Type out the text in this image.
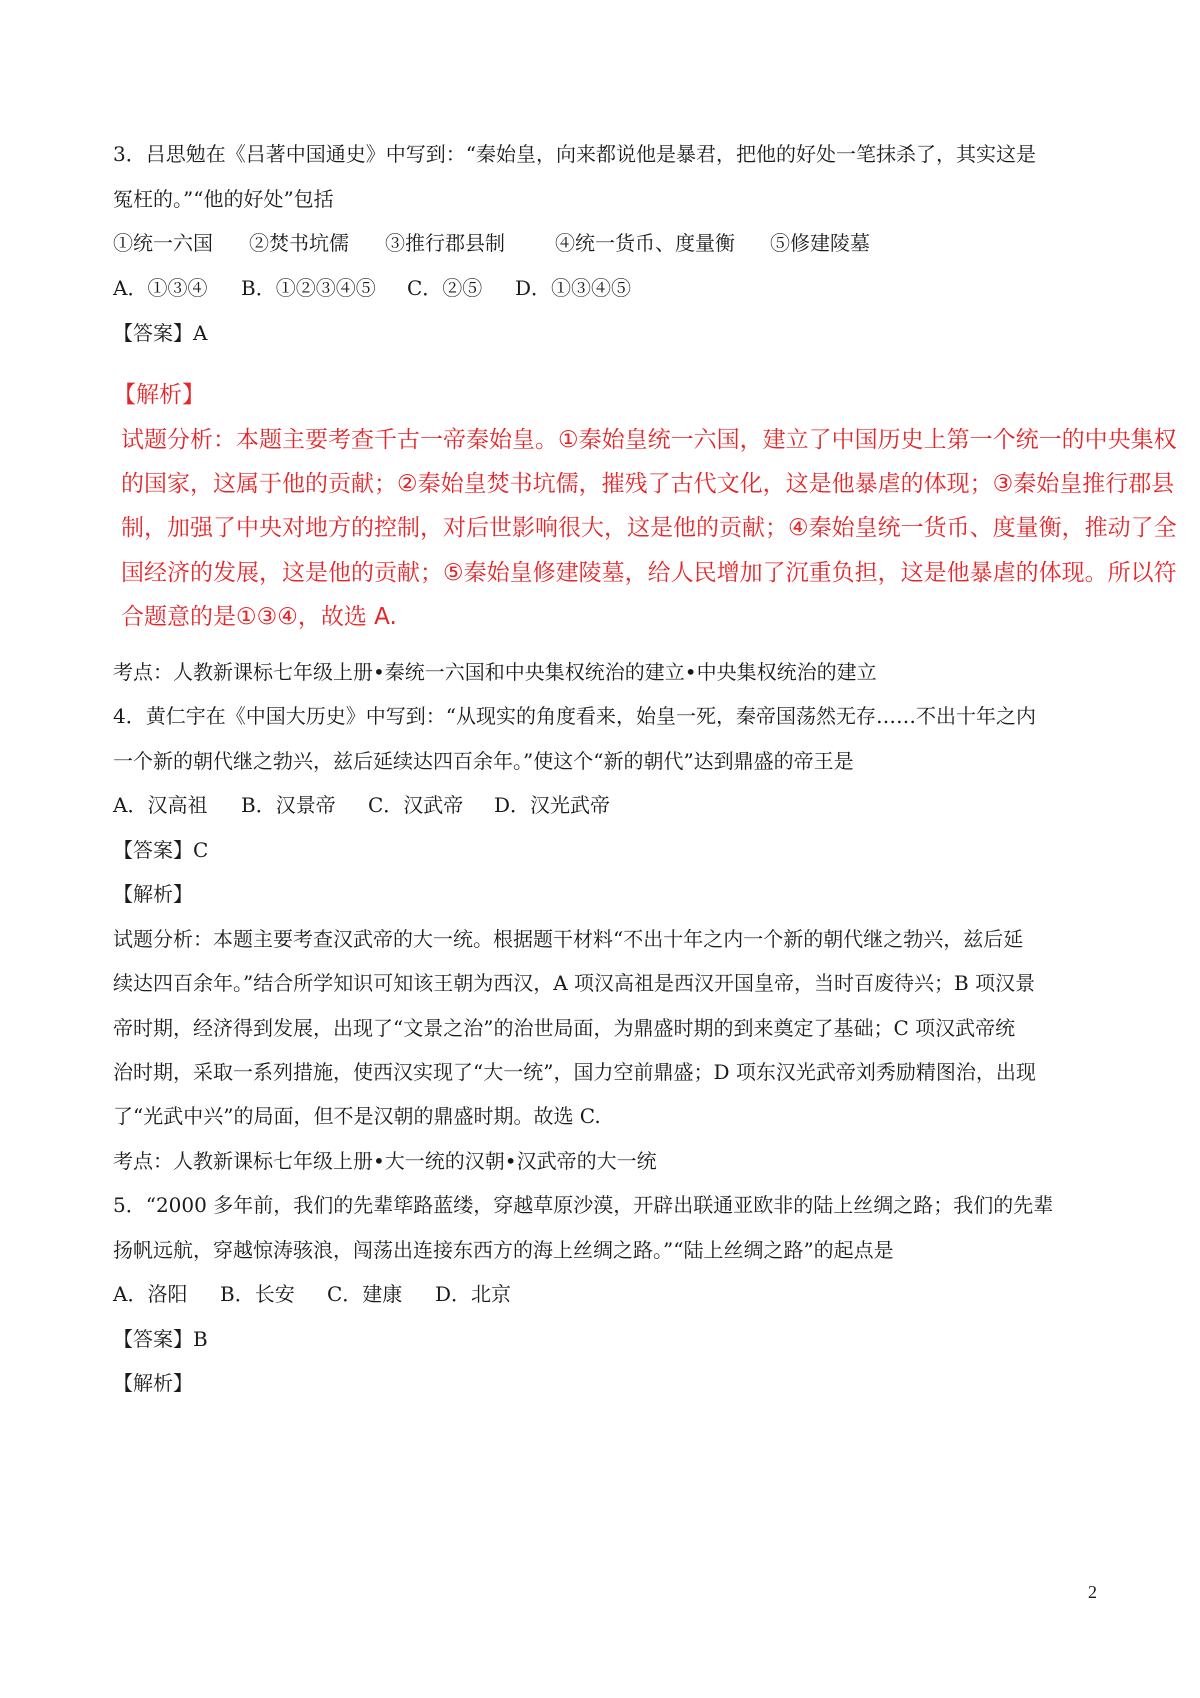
3．吕思勉在《吕著中国通史》中写到：“秦始皇，向来都说他是暴君，把他的好处一笔抹杀了，其实这是
冤枉的。”“他的好处”包括
①统一六国 ②焚书坑儒 ③推行郡县制	④统一货币、度量衡 ⑤修建陵墓
A．①③④ B．①②③④⑤ C．②⑤ D．①③④⑤
【答案】A
【解析】
试题分析：本题主要考查千古一帝秦始皇。①秦始皇统一六国，建立了中国历史上第一个统一的中央集权
的国家，这属于他的贡献；②秦始皇焚书坑儒，摧残了古代文化，这是他暴虐的体现；③秦始皇推行郡县
制，加强了中央对地方的控制，对后世影响很大，这是他的贡献；④秦始皇统一货币、度量衡，推动了全
国经济的发展，这是他的贡献；⑤秦始皇修建陵墓，给人民增加了沉重负担，这是他暴虐的体现。所以符
合题意的是①③④，故选 A.
考点：人教新课标七年级上册•秦统一六国和中央集权统治的建立•中央集权统治的建立
4．黄仁宇在《中国大历史》中写到：“从现实的角度看来，始皇一死，秦帝国荡然无存……不出十年之内
一个新的朝代继之勃兴，兹后延续达四百余年。”使这个“新的朝代”达到鼎盛的帝王是
A．汉高祖 B．汉景帝 C．汉武帝 D．汉光武帝
【答案】C
【解析】
试题分析：本题主要考查汉武帝的大一统。根据题干材料“不出十年之内一个新的朝代继之勃兴，兹后延
续达四百余年。”结合所学知识可知该王朝为西汉，A 项汉高祖是西汉开国皇帝，当时百废待兴；B 项汉景
帝时期，经济得到发展，出现了“文景之治”的治世局面，为鼎盛时期的到来奠定了基础；C 项汉武帝统
治时期，采取一系列措施，使西汉实现了“大一统”，国力空前鼎盛；D 项东汉光武帝刘秀励精图治，出现
了“光武中兴”的局面，但不是汉朝的鼎盛时期。故选 C.
考点：人教新课标七年级上册•大一统的汉朝•汉武帝的大一统
5．“2000 多年前，我们的先辈筚路蓝缕，穿越草原沙漠，开辟出联通亚欧非的陆上丝绸之路；我们的先辈
扬帆远航，穿越惊涛骇浪，闯荡出连接东西方的海上丝绸之路。”“陆上丝绸之路”的起点是
A．洛阳 B．长安 C．建康 D．北京
【答案】B
【解析】
2
